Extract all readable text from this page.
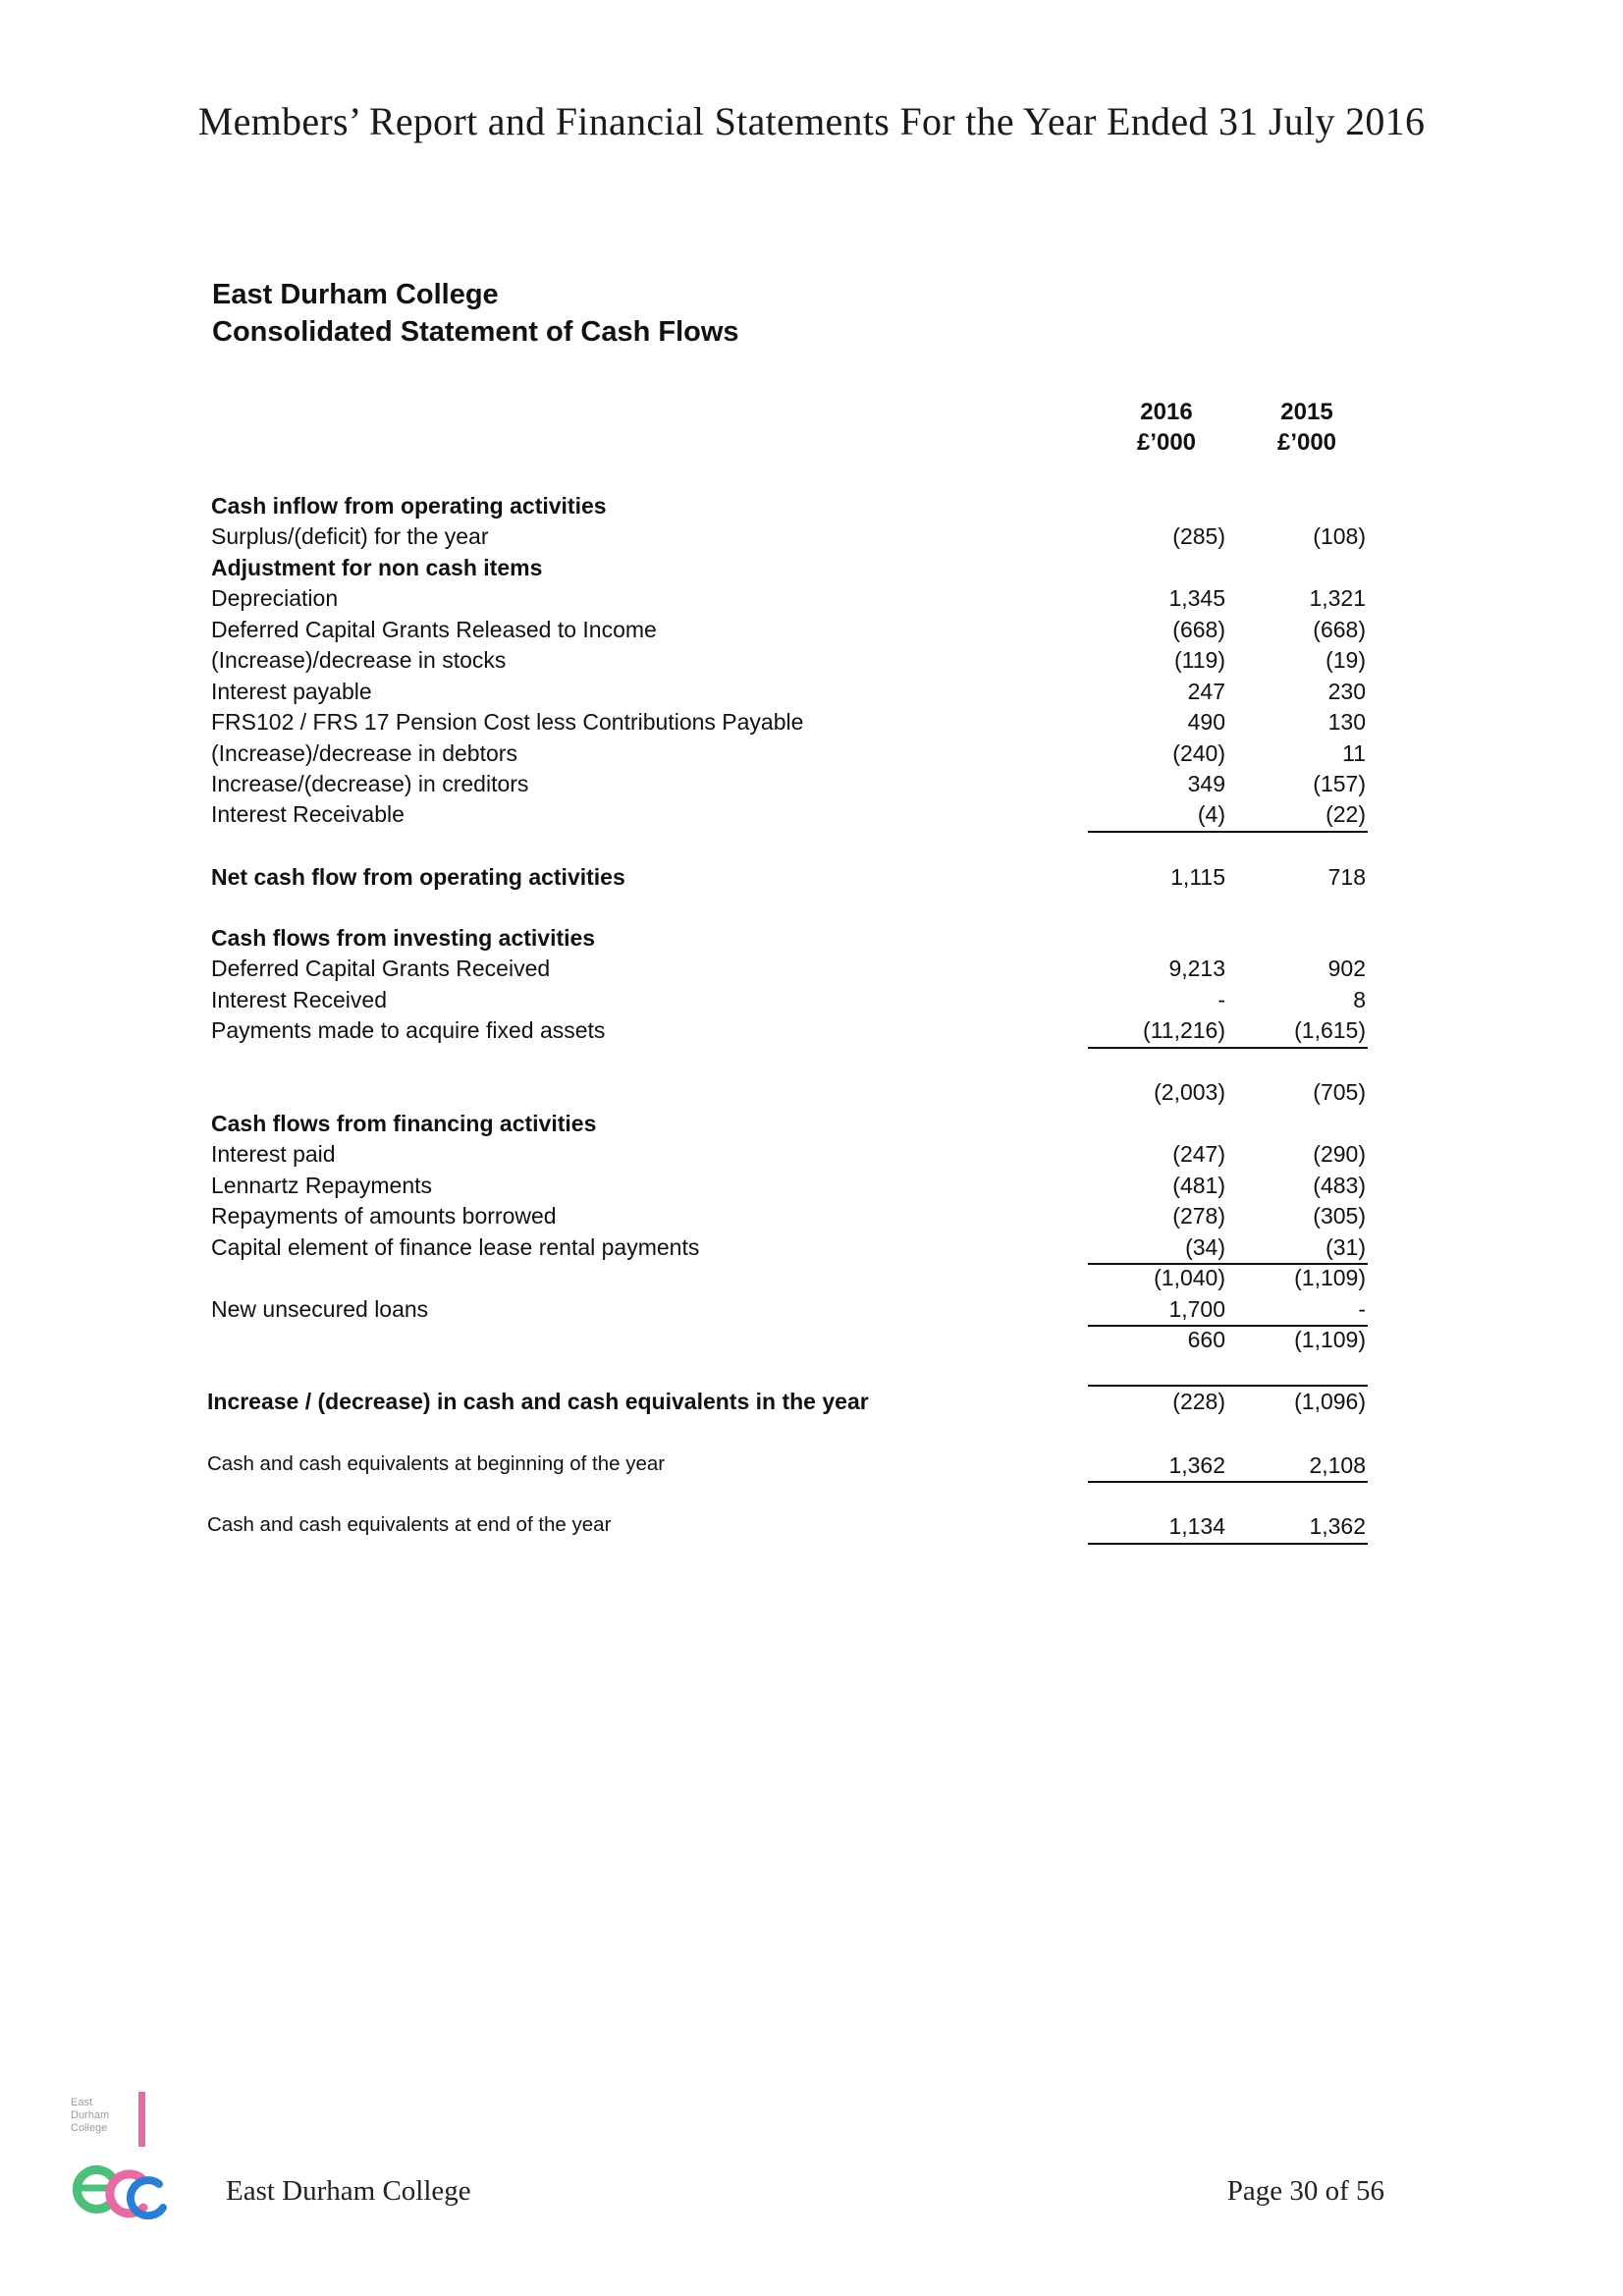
Members’ Report and Financial Statements For the Year Ended 31 July 2016
East Durham College
Consolidated Statement of Cash Flows
2016
£’000
2015
£’000
Cash inflow from operating activities
Surplus/(deficit) for the year	(285)	(108)
Adjustment for non cash items
Depreciation	1,345	1,321
Deferred Capital Grants Released to Income	(668)	(668)
(Increase)/decrease in stocks	(119)	(19)
Interest payable	247	230
FRS102 / FRS 17 Pension Cost less Contributions Payable	490	130
(Increase)/decrease in debtors	(240)	11
Increase/(decrease) in creditors	349	(157)
Interest Receivable	(4)	(22)
Net cash flow from operating activities	1,115	718
Cash flows from investing activities
Deferred Capital Grants Received	9,213	902
Interest Received	-	8
Payments made to acquire fixed assets	(11,216)	(1,615)
(2,003)	(705)
Cash flows from financing activities
Interest paid	(247)	(290)
Lennartz Repayments	(481)	(483)
Repayments of amounts borrowed	(278)	(305)
Capital element of finance lease rental payments	(34)	(31)
(1,040)	(1,109)
New unsecured loans	1,700	-
660	(1,109)
Increase / (decrease) in cash and cash equivalents in the year	(228)	(1,096)
Cash and cash equivalents at beginning of the year	1,362	2,108
Cash and cash equivalents at end of the year	1,134	1,362
East
Durham
College
East Durham College	Page 30 of 56
